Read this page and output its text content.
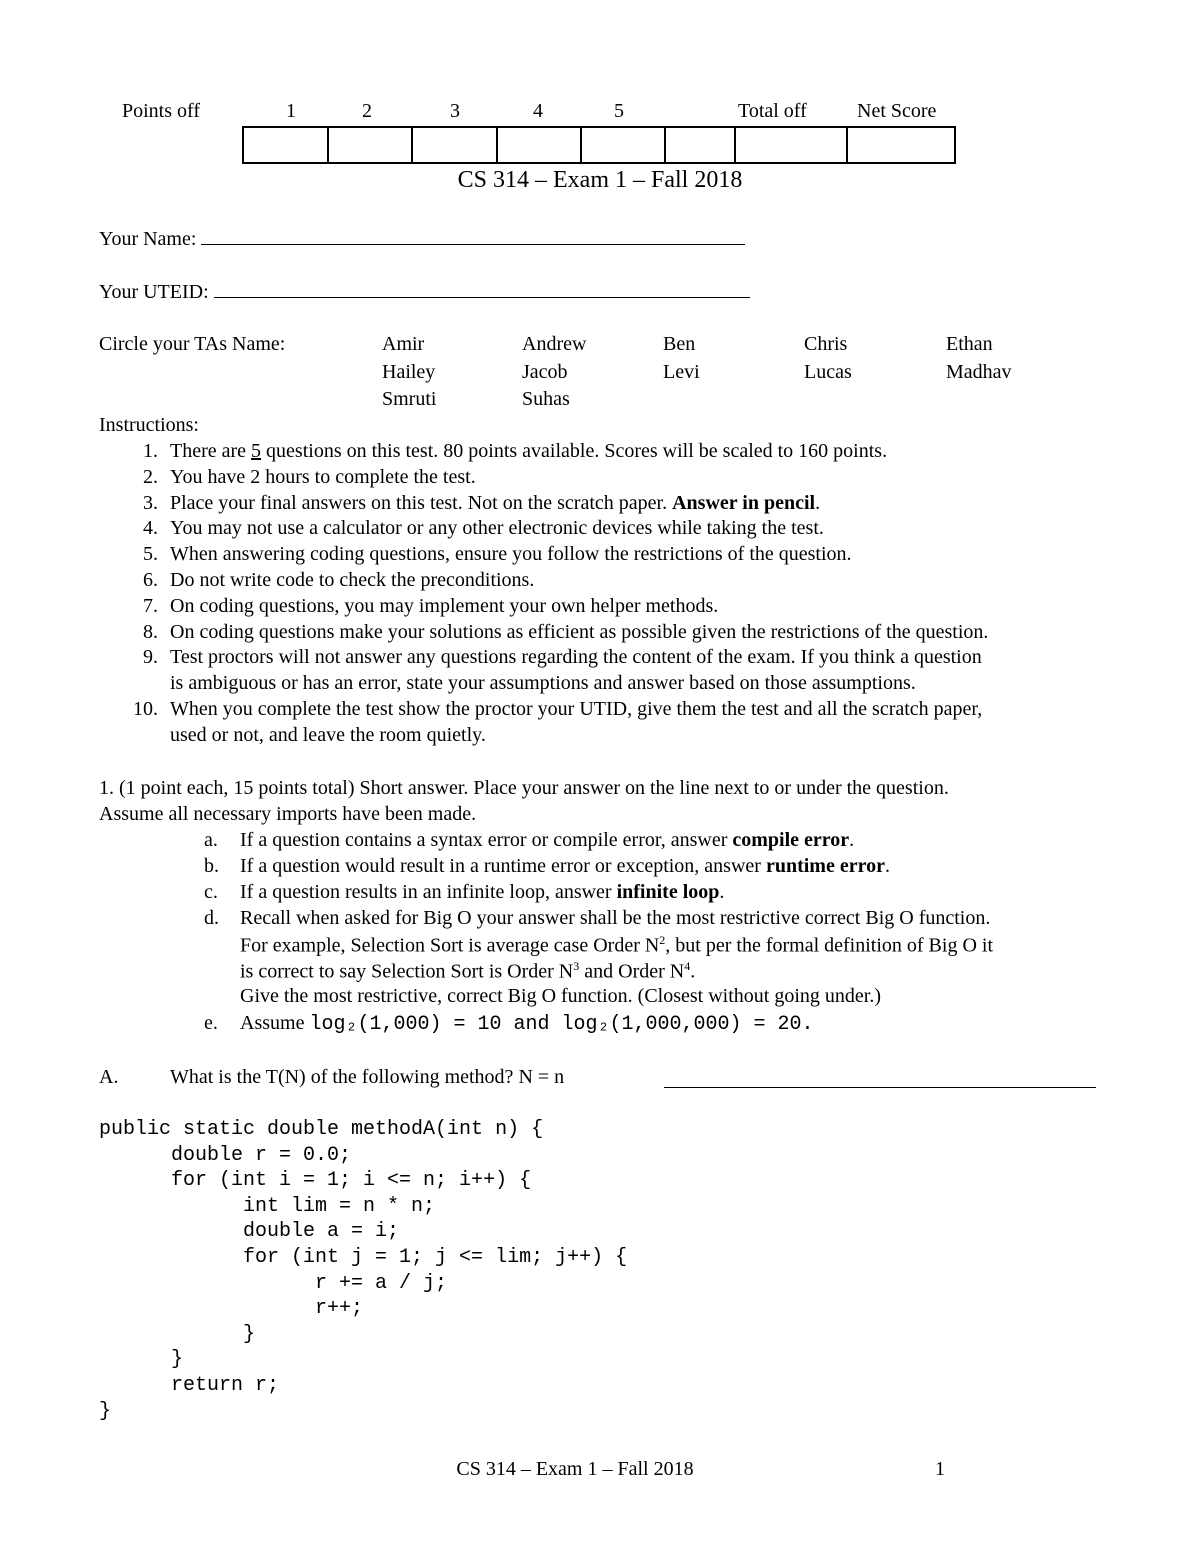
Points off	1	2	3	4	5	Total off	Net Score

CS 314 – Exam 1 – Fall 2018
Your Name:
Your UTEID:
Circle your TAs Name:	Amir	Andrew	Ben	Chris	Ethan
Hailey	Jacob	Levi	Lucas	Madhav
Smruti	Suhas
Instructions:
1. There are 5 questions on this test. 80 points available. Scores will be scaled to 160 points.
2. You have 2 hours to complete the test.
3. Place your final answers on this test. Not on the scratch paper. Answer in pencil.
4. You may not use a calculator or any other electronic devices while taking the test.
5. When answering coding questions, ensure you follow the restrictions of the question.
6. Do not write code to check the preconditions.
7. On coding questions, you may implement your own helper methods.
8. On coding questions make your solutions as efficient as possible given the restrictions of the question.
9. Test proctors will not answer any questions regarding the content of the exam. If you think a question
is ambiguous or has an error, state your assumptions and answer based on those assumptions.
10. When you complete the test show the proctor your UTID, give them the test and all the scratch paper,
used or not, and leave the room quietly.
1. (1 point each, 15 points total) Short answer. Place your answer on the line next to or under the question.
Assume all necessary imports have been made.
a. If a question contains a syntax error or compile error, answer compile error.
b. If a question would result in a runtime error or exception, answer runtime error.
c. If a question results in an infinite loop, answer infinite loop.
d. Recall when asked for Big O your answer shall be the most restrictive correct Big O function.
For example, Selection Sort is average case Order $N^2$, but per the formal definition of Big O it
is correct to say Selection Sort is Order $N^3$ and Order $N^4$.
Give the most restrictive, correct Big O function. (Closest without going under.)
e. Assume log₂(1,000) = 10 and log₂(1,000,000) = 20.
A.	What is the T(N) of the following method? N = n
public static double methodA(int n) {
double r = 0.0;
for (int i = 1; i <= n; i++) {
int lim = n * n;
double a = i;
for (int j = 1; j <= lim; j++) {
r += a / j;
r++;
}
}
return r;
}
CS 314 – Exam 1 – Fall 2018	1
